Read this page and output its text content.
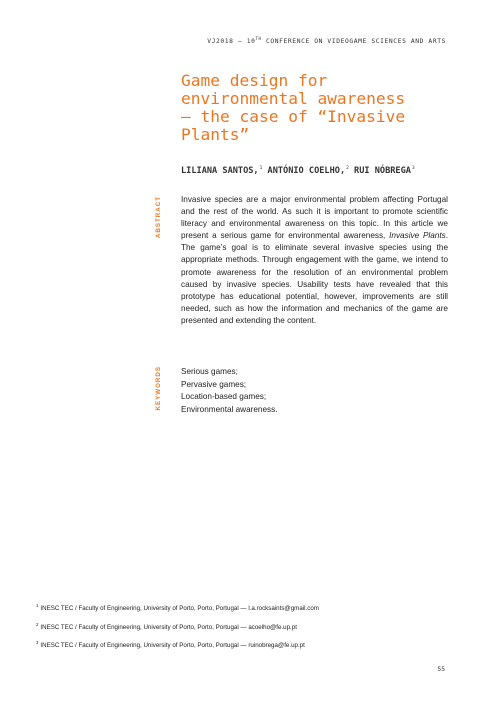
VJ2018 — 10TH CONFERENCE ON VIDEOGAME SCIENCES AND ARTS
Game design for
environmental awareness
— the case of “Invasive
Plants”
LILIANA SANTOS,$^1$ ANTÓNIO COELHO,$^2$ RUI NÓBREGA$^3$
ABSTRACT Invasive species are a major environmental problem affecting Portugal and the rest of the world. As such it is important to promote scientific literacy and environmental awareness on this topic. In this article we present a serious game for environmental awareness, Invasive Plants. The game’s goal is to eliminate several invasive species using the appropriate methods. Through engagement with the game, we intend to promote awareness for the resolution of an environmental problem caused by invasive species. Usability tests have revealed that this prototype has educational potential, however, improvements are still needed, such as how the information and mechanics of the game are presented and extending the content.

KEYWORDS Serious games;
Pervasive games;
Location-based games;
Environmental awareness.
$^1$ INESC TEC / Faculty of Engineering, University of Porto, Porto, Portugal — l.a.rocksaints@gmail.com
$^2$ INESC TEC / Faculty of Engineering, University of Porto, Porto, Portugal — acoelho@fe.up.pt
$^3$ INESC TEC / Faculty of Engineering, University of Porto, Porto, Portugal — ruinobrega@fe.up.pt
55
